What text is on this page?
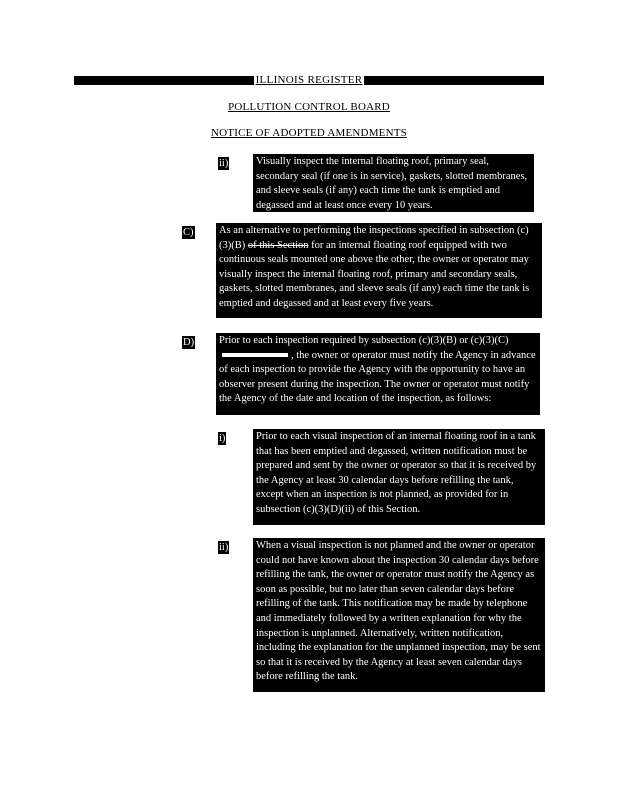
ILLINOIS REGISTER
POLLUTION CONTROL BOARD
NOTICE OF ADOPTED AMENDMENTS
ii)	Visually inspect the internal floating roof, primary seal, secondary seal (if one is in service), gaskets, slotted membranes, and sleeve seals (if any) each time the tank is emptied and degassed and at least once every 10 years.
C) As an alternative to performing the inspections specified in subsection (c)(3)(B) of this Section for an internal floating roof equipped with two continuous seals mounted one above the other, the owner or operator may visually inspect the internal floating roof, primary and secondary seals, gaskets, slotted membranes, and sleeve seals (if any) each time the tank is emptied and degassed and at least every five years.
D) Prior to each inspection required by subsection (c)(3)(B) or (c)(3)(C), the owner or operator must notify the Agency in advance of each inspection to provide the Agency with the opportunity to have an observer present during the inspection. The owner or operator must notify the Agency of the date and location of the inspection, as follows:
i)	Prior to each visual inspection of an internal floating roof in a tank that has been emptied and degassed, written notification must be prepared and sent by the owner or operator so that it is received by the Agency at least 30 calendar days before refilling the tank, except when an inspection is not planned, as provided for in subsection (c)(3)(D)(ii) of this Section.
ii)	When a visual inspection is not planned and the owner or operator could not have known about the inspection 30 calendar days before refilling the tank, the owner or operator must notify the Agency as soon as possible, but no later than seven calendar days before refilling of the tank. This notification may be made by telephone and immediately followed by a written explanation for why the inspection is unplanned. Alternatively, written notification, including the explanation for the unplanned inspection, may be sent so that it is received by the Agency at least seven calendar days before refilling the tank.
